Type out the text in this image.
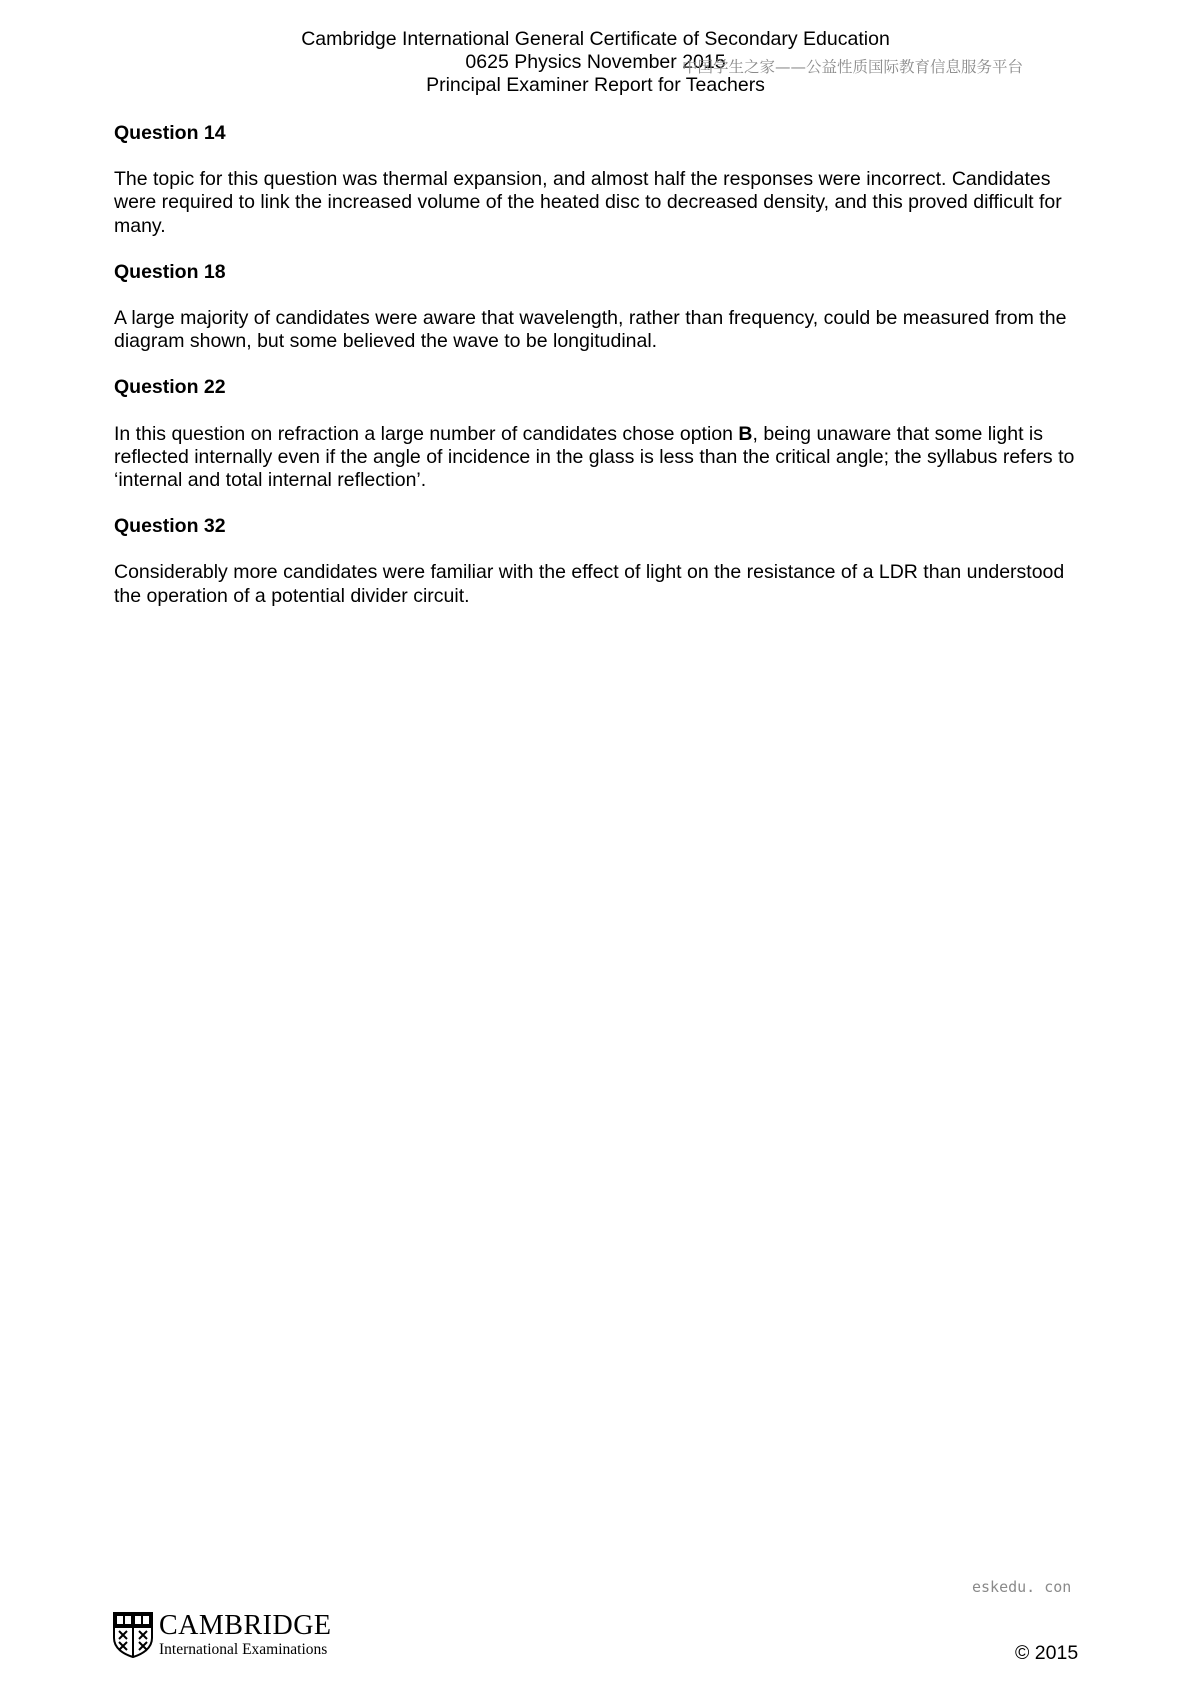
Cambridge International General Certificate of Secondary Education
0625 Physics November 2015
Principal Examiner Report for Teachers
中国学生之家——公益性质国际教育信息服务平台
Question 14
The topic for this question was thermal expansion, and almost half the responses were incorrect. Candidates were required to link the increased volume of the heated disc to decreased density, and this proved difficult for many.
Question 18
A large majority of candidates were aware that wavelength, rather than frequency, could be measured from the diagram shown, but some believed the wave to be longitudinal.
Question 22
In this question on refraction a large number of candidates chose option B, being unaware that some light is reflected internally even if the angle of incidence in the glass is less than the critical angle; the syllabus refers to ‘internal and total internal reflection’.
Question 32
Considerably more candidates were familiar with the effect of light on the resistance of a LDR than understood the operation of a potential divider circuit.
eskedu. con
CAMBRIDGE
International Examinations	© 2015
